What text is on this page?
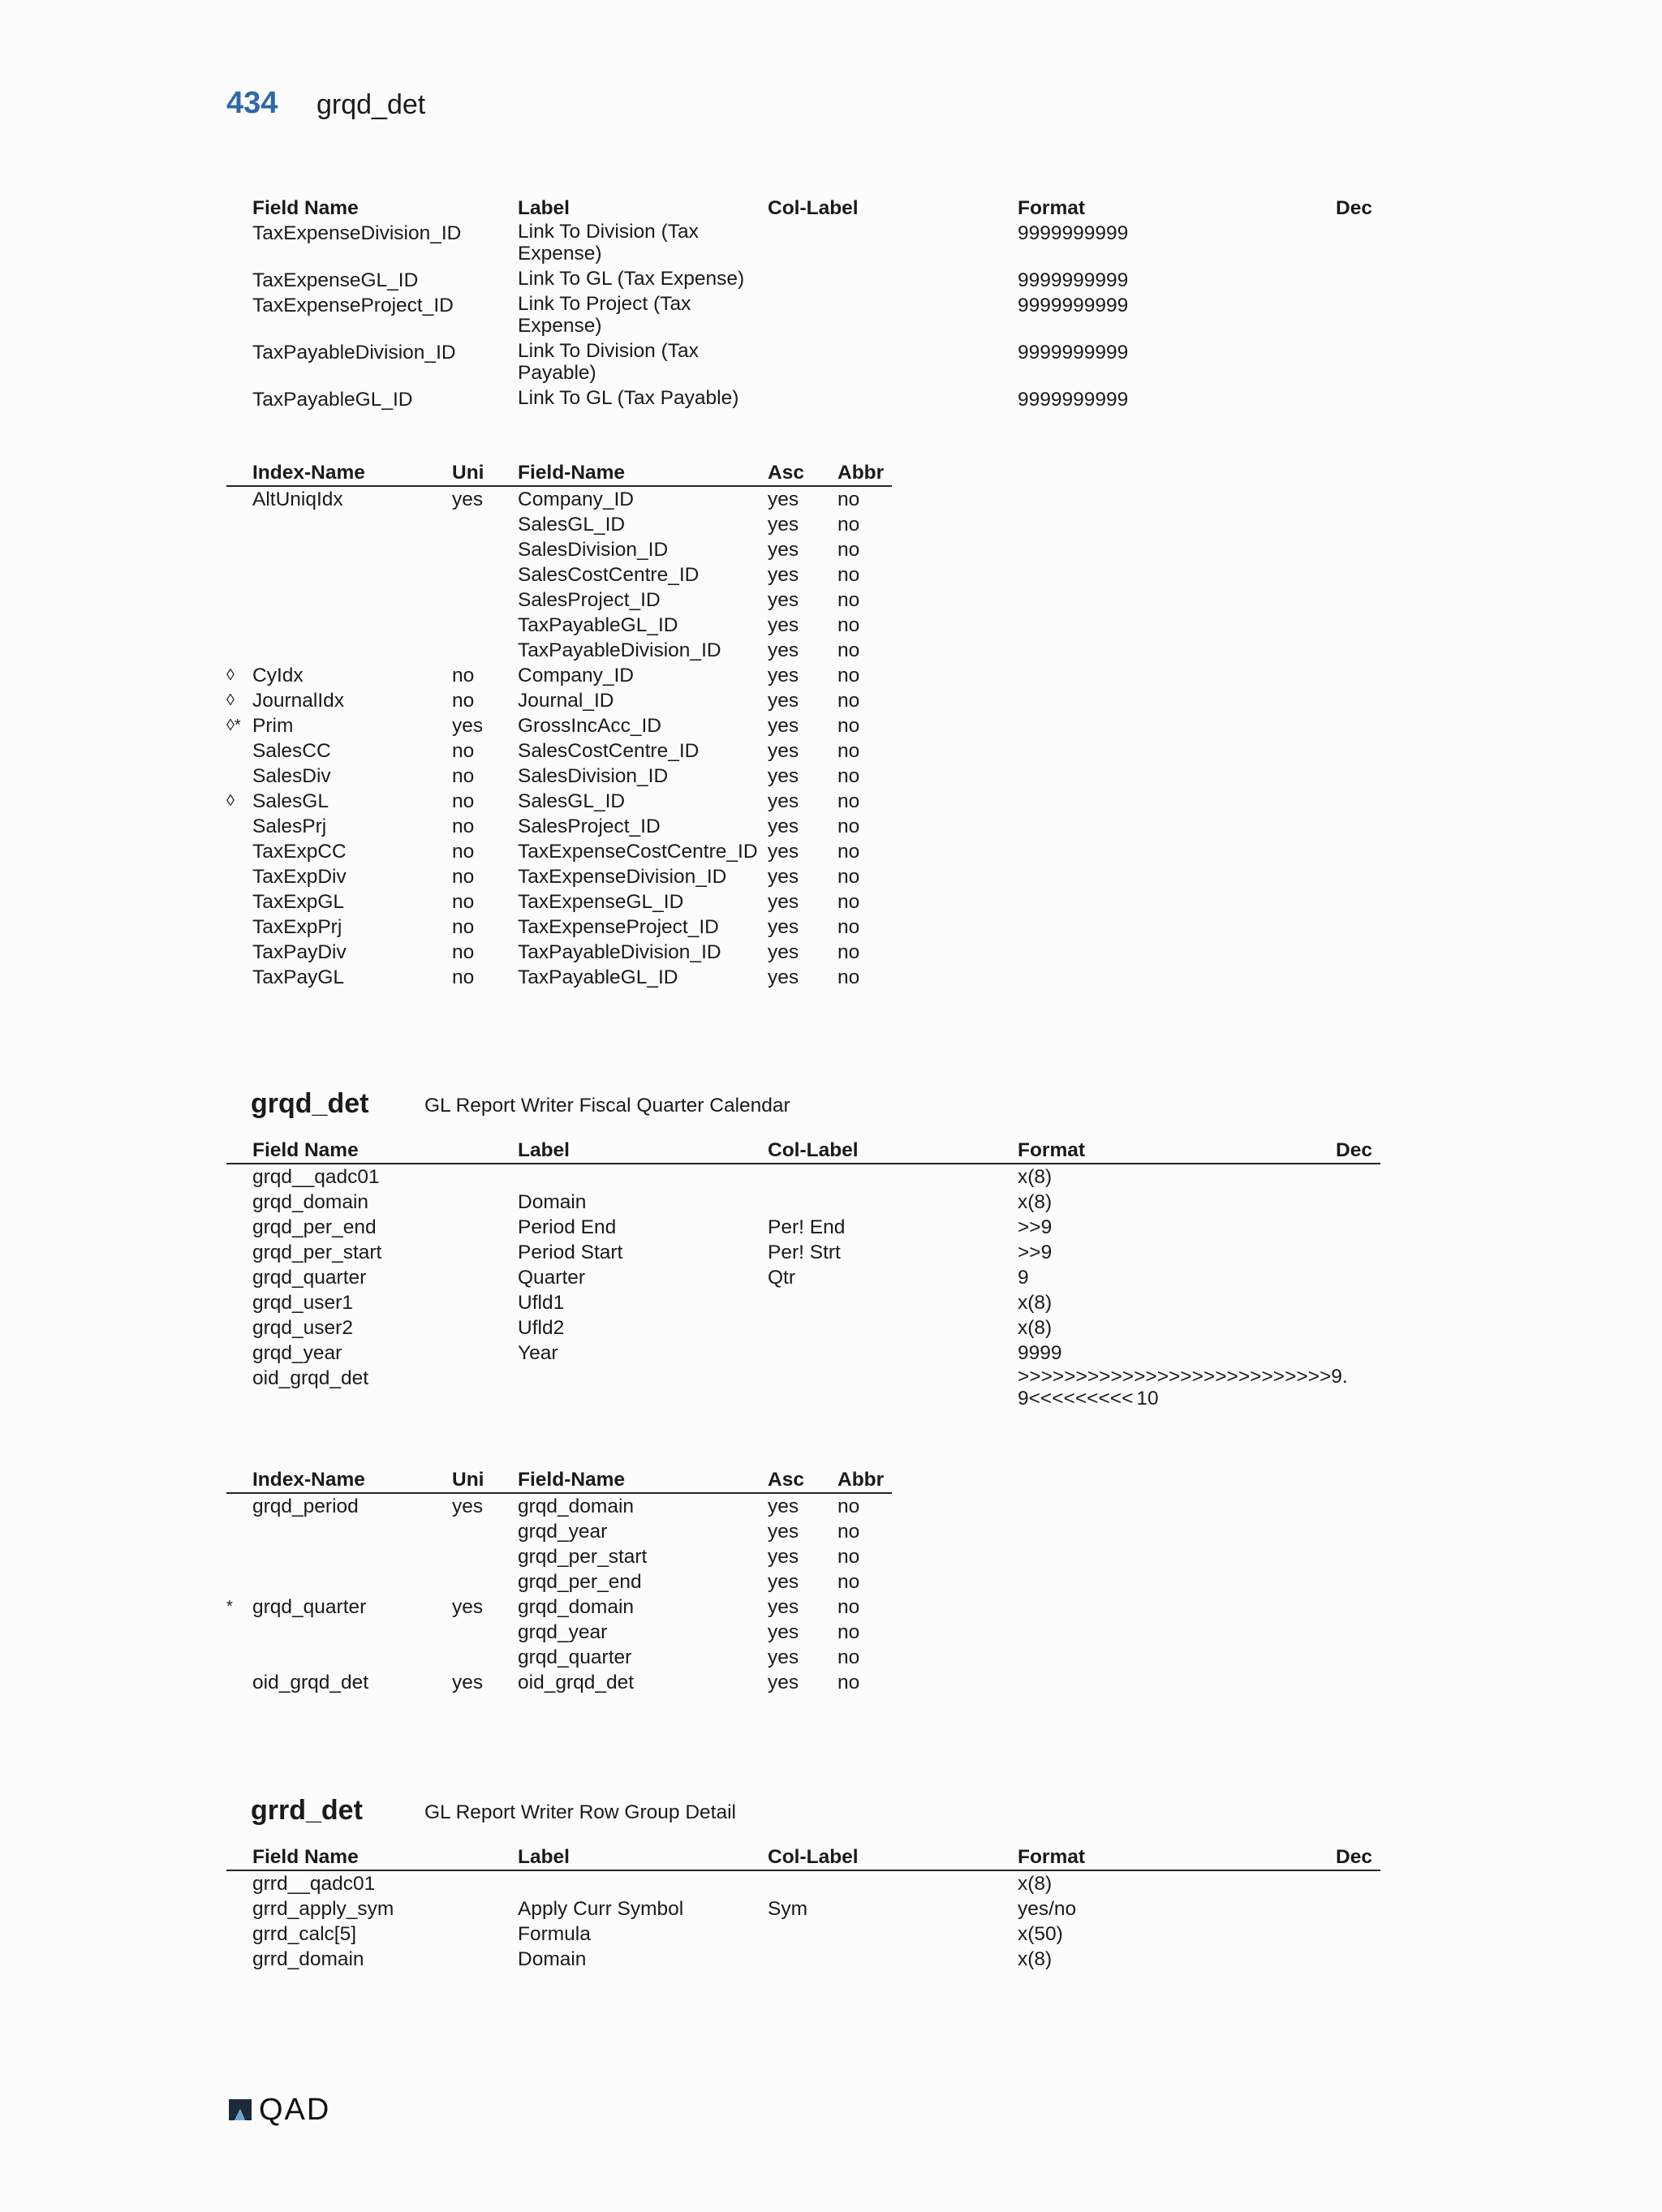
434 grqd_det
	Field Name	Label	Col-Label	Format	Dec
	TaxExpenseDivision_ID	Link To Division (Tax Expense)		9999999999	
	TaxExpenseGL_ID	Link To GL (Tax Expense)		9999999999	
	TaxExpenseProject_ID	Link To Project (Tax Expense)		9999999999	
	TaxPayableDivision_ID	Link To Division (Tax Payable)		9999999999	
	TaxPayableGL_ID	Link To GL (Tax Payable)		9999999999	
	Index-Name	Uni	Field-Name	Asc	Abbr
	AltUniqIdx	yes	Company_ID	yes	no
			SalesGL_ID	yes	no
			SalesDivision_ID	yes	no
			SalesCostCentre_ID	yes	no
			SalesProject_ID	yes	no
			TaxPayableGL_ID	yes	no
			TaxPayableDivision_ID	yes	no
◊	CyIdx	no	Company_ID	yes	no
◊	JournalIdx	no	Journal_ID	yes	no
◊*	Prim	yes	GrossIncAcc_ID	yes	no
	SalesCC	no	SalesCostCentre_ID	yes	no
	SalesDiv	no	SalesDivision_ID	yes	no
◊	SalesGL	no	SalesGL_ID	yes	no
	SalesPrj	no	SalesProject_ID	yes	no
	TaxExpCC	no	TaxExpenseCostCentre_ID	yes	no
	TaxExpDiv	no	TaxExpenseDivision_ID	yes	no
	TaxExpGL	no	TaxExpenseGL_ID	yes	no
	TaxExpPrj	no	TaxExpenseProject_ID	yes	no
	TaxPayDiv	no	TaxPayableDivision_ID	yes	no
	TaxPayGL	no	TaxPayableGL_ID	yes	no
grqd_det	GL Report Writer Fiscal Quarter Calendar
	Field Name	Label	Col-Label	Format	Dec
	grqd__qadc01			x(8)	
	grqd_domain	Domain		x(8)	
	grqd_per_end	Period End	Per! End	>>9	
	grqd_per_start	Period Start	Per! Strt	>>9	
	grqd_quarter	Quarter	Qtr	9	
	grqd_user1	Ufld1		x(8)	
	grqd_user2	Ufld2		x(8)	
	grqd_year	Year		9999	
	oid_grqd_det			>>>>>>>>>>>>>>>>>>>>>>>>>>>9.9<<<<<<<<< 10	
	Index-Name	Uni	Field-Name	Asc	Abbr
	grqd_period	yes	grqd_domain	yes	no
			grqd_year	yes	no
			grqd_per_start	yes	no
			grqd_per_end	yes	no
*	grqd_quarter	yes	grqd_domain	yes	no
			grqd_year	yes	no
			grqd_quarter	yes	no
	oid_grqd_det	yes	oid_grqd_det	yes	no
grrd_det	GL Report Writer Row Group Detail
	Field Name	Label	Col-Label	Format	Dec
	grrd__qadc01			x(8)	
	grrd_apply_sym	Apply Curr Symbol	Sym	yes/no	
	grrd_calc[5]	Formula		x(50)	
	grrd_domain	Domain		x(8)	
QAD
